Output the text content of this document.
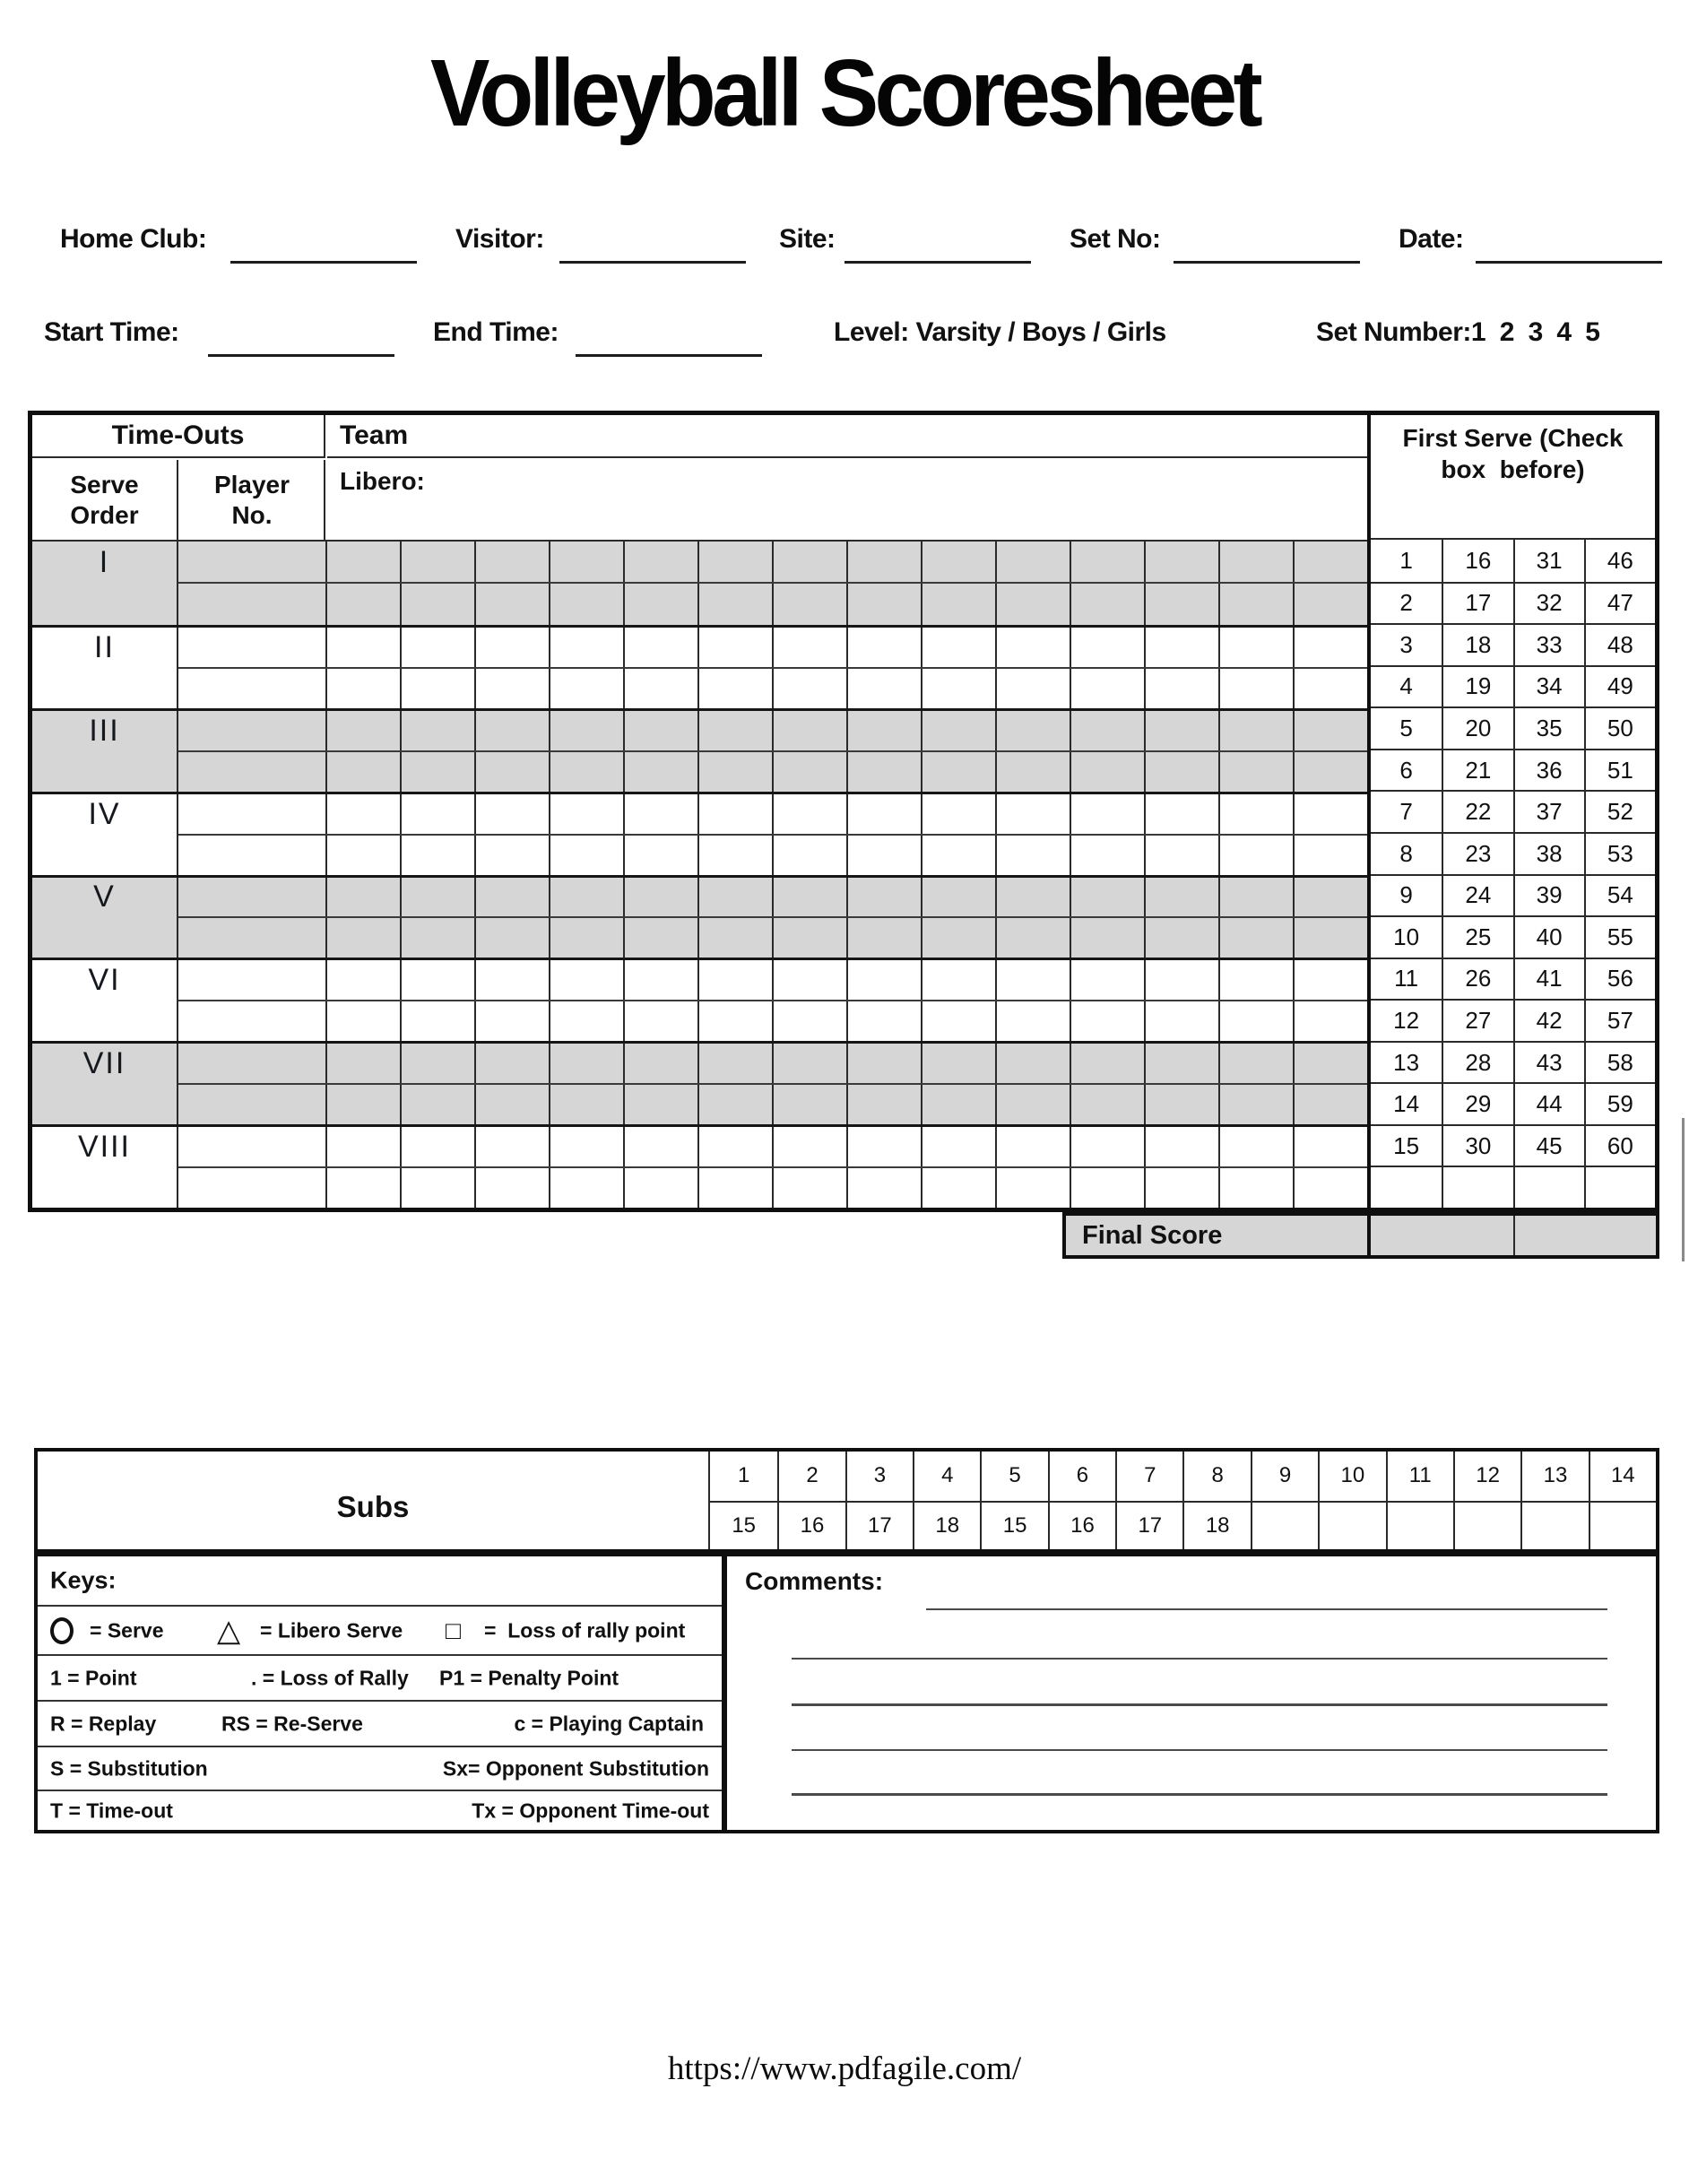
Volleyball Scoresheet
Home Club:	Visitor:	Site:	Set No:	Date:
Start Time:	End Time:	Level: Varsity / Boys / Girls	Set Number:1  2  3  4  5
Time-Outs	Team
Serve
Order
Player
No.
Libero:
I
II
III
IV
V
VI
VII
VIII
First Serve (Check
box  before)
1	16	31	46
2	17	32	47
3	18	33	48
4	19	34	49
5	20	35	50
6	21	36	51
7	22	37	52
8	23	38	53
9	24	39	54
10	25	40	55
11	26	41	56
12	27	42	57
13	28	43	58
14	29	44	59
15	30	45	60
Final Score
Subs
1	2	3	4	5	6	7	8	9	10	11	12	13	14
15	16	17	18	15	16	17	18
Keys:
= Serve △ = Libero Serve □ =  Loss of rally point
1 = Point	. = Loss of Rally P1 = Penalty Point
R = Replay	RS = Re-Serve	c = Playing Captain
S = Substitution	Sx= Opponent Substitution
T = Time-out	Tx = Opponent Time-out
Comments:
https://www.pdfagile.com/
